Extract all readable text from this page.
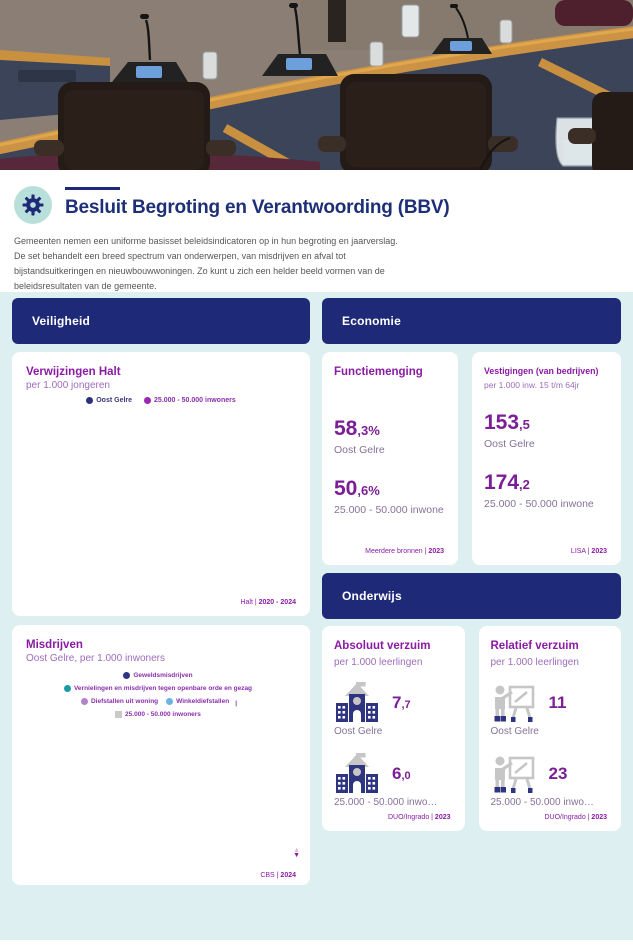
Besluit Begroting en Verantwoording (BBV)

Gemeenten nemen een uniforme basisset beleidsindicatoren op in hun begroting en jaarverslag. De set behandelt een breed spectrum van onderwerpen, van misdrijven en afval tot bijstandsuitkeringen en nieuwbouwwoningen. Zo kunt u zich een helder beeld vormen van de beleidsresultaten van de gemeente.

Veiligheid
Verwijzingen Halt
per 1.000 jongeren
Oost Gelre	25.000 - 50.000 inwoners
Halt | 2020 - 2024
Misdrijven
Oost Gelre, per 1.000 inwoners
Geweldsmisdrijven
Vernielingen en misdrijven tegen openbare orde en gezag

Diefstallen uit woning	Winkeldiefstallen |
25.000 - 50.000 inwoners
▲
▼
CBS | 2024
Economie
Functiemenging
58,3%
Oost Gelre
50,6%
25.000 - 50.000 inwone
Meerdere bronnen | 2023
Vestigingen (van bedrijven)
per 1.000 inw. 15 t/m 64jr
153,5
Oost Gelre
174,2
25.000 - 50.000 inwone
LISA | 2023
Onderwijs
Absoluut verzuim
per 1.000 leerlingen
7,7
Oost Gelre
6,0
25.000 - 50.000 inwo…
DUO/Ingrado | 2023
Relatief verzuim
per 1.000 leerlingen
11
Oost Gelre
23
25.000 - 50.000 inwo…
DUO/Ingrado | 2023
